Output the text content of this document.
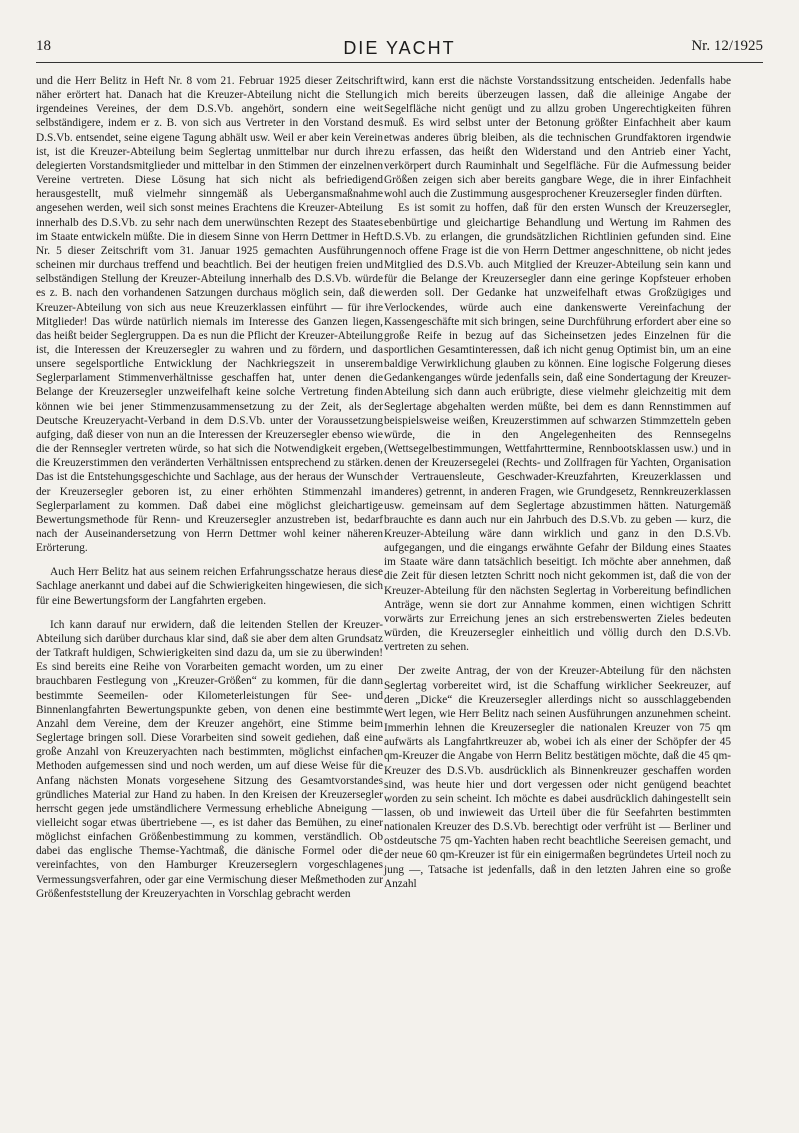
18	DIE YACHT	Nr. 12/1925

und die Herr Belitz in Heft Nr. 8 vom 21. Februar 1925 dieser Zeitschrift näher erörtert hat. Danach hat die Kreuzer-Abteilung nicht die Stellung irgendeines Vereines, der dem D.S.Vb. angehört, sondern eine weit selbständigere, indem er z. B. von sich aus Vertreter in den Vorstand des D.S.Vb. entsendet, seine eigene Tagung abhält usw. Weil er aber kein Verein ist, ist die Kreuzer-Abteilung beim Seglertag unmittelbar nur durch ihre delegierten Vorstandsmitglieder und mittelbar in den Stimmen der einzelnen Vereine vertreten. Diese Lösung hat sich nicht als befriedigend herausgestellt, muß vielmehr sinngemäß als Uebergansmaßnahme angesehen werden, weil sich sonst meines Erachtens die Kreuzer-Abteilung innerhalb des D.S.Vb. zu sehr nach dem unerwünschten Rezept des Staates im Staate entwickeln müßte. Die in diesem Sinne von Herrn Dettmer in Heft Nr. 5 dieser Zeitschrift vom 31. Januar 1925 gemachten Ausführungen scheinen mir durchaus treffend und beachtlich. Bei der heutigen freien und selbständigen Stellung der Kreuzer-Abteilung innerhalb des D.S.Vb. würde es z. B. nach den vorhandenen Satzungen durchaus möglich sein, daß die Kreuzer-Abteilung von sich aus neue Kreuzerklassen einführt — für ihre Mitglieder! Das würde natürlich niemals im Interesse des Ganzen liegen, das heißt beider Seglergruppen. Da es nun die Pflicht der Kreuzer-Abteilung ist, die Interessen der Kreuzersegler zu wahren und zu fördern, und da unsere segelsportliche Entwicklung der Nachkriegszeit in unserem Seglerparlament Stimmenverhältnisse geschaffen hat, unter denen die Belange der Kreuzersegler unzweifelhaft keine solche Vertretung finden können wie bei jener Stimmenzusammensetzung zu der Zeit, als der Deutsche Kreuzeryacht-Verband in dem D.S.Vb. unter der Voraussetzung aufging, daß dieser von nun an die Interessen der Kreuzersegler ebenso wie die der Rennsegler vertreten würde, so hat sich die Notwendigkeit ergeben, die Kreuzerstimmen den veränderten Verhältnissen entsprechend zu stärken. Das ist die Entstehungsgeschichte und Sachlage, aus der heraus der Wunsch der Kreuzersegler geboren ist, zu einer erhöhten Stimmenzahl im Seglerparlament zu kommen. Daß dabei eine möglichst gleichartige Bewertungsmethode für Renn- und Kreuzersegler anzustreben ist, bedarf nach der Auseinandersetzung von Herrn Dettmer wohl keiner näheren Erörterung.

Auch Herr Belitz hat aus seinem reichen Erfahrungsschatze heraus diese Sachlage anerkannt und dabei auf die Schwierigkeiten hingewiesen, die sich für eine Bewertungsform der Langfahrten ergeben.

Ich kann darauf nur erwidern, daß die leitenden Stellen der Kreuzer-Abteilung sich darüber durchaus klar sind, daß sie aber dem alten Grundsatz der Tatkraft huldigen, Schwierigkeiten sind dazu da, um sie zu überwinden! Es sind bereits eine Reihe von Vorarbeiten gemacht worden, um zu einer brauchbaren Festlegung von „Kreuzer-Größen“ zu kommen, für die dann bestimmte Seemeilen- oder Kilometerleistungen für See- und Binnenlangfahrten Bewertungspunkte geben, von denen eine bestimmte Anzahl dem Vereine, dem der Kreuzer angehört, eine Stimme beim Seglertage bringen soll. Diese Vorarbeiten sind soweit gediehen, daß eine große Anzahl von Kreuzeryachten nach bestimmten, möglichst einfachen Methoden aufgemessen sind und noch werden, um auf diese Weise für die Anfang nächsten Monats vorgesehene Sitzung des Gesamtvorstandes gründliches Material zur Hand zu haben. In den Kreisen der Kreuzersegler herrscht gegen jede umständlichere Vermessung erhebliche Abneigung — vielleicht sogar etwas übertriebene —, es ist daher das Bemühen, zu einer möglichst einfachen Größenbestimmung zu kommen, verständlich. Ob dabei das englische Themse-Yachtmaß, die dänische Formel oder die vereinfachtes, von den Hamburger Kreuzerseglern vorgeschlagenes Vermessungsverfahren, oder gar eine Vermischung dieser Meßmethoden zur Größenfeststellung der Kreuzeryachten in Vorschlag gebracht werden

wird, kann erst die nächste Vorstandssitzung entscheiden. Jedenfalls habe ich mich bereits überzeugen lassen, daß die alleinige Angabe der Segelfläche nicht genügt und zu allzu groben Ungerechtigkeiten führen muß. Es wird selbst unter der Betonung größter Einfachheit aber kaum etwas anderes übrig bleiben, als die technischen Grundfaktoren irgendwie zu erfassen, das heißt den Widerstand und den Antrieb einer Yacht, verkörpert durch Rauminhalt und Segelfläche. Für die Aufmessung beider Größen zeigen sich aber bereits gangbare Wege, die in ihrer Einfachheit wohl auch die Zustimmung ausgesprochener Kreuzersegler finden dürften.

Es ist somit zu hoffen, daß für den ersten Wunsch der Kreuzersegler, ebenbürtige und gleichartige Behandlung und Wertung im Rahmen des D.S.Vb. zu erlangen, die grundsätzlichen Richtlinien gefunden sind. Eine noch offene Frage ist die von Herrn Dettmer angeschnittene, ob nicht jedes Mitglied des D.S.Vb. auch Mitglied der Kreuzer-Abteilung sein kann und für die Belange der Kreuzersegler dann eine geringe Kopfsteuer erhoben werden soll. Der Gedanke hat unzweifelhaft etwas Großzügiges und Verlockendes, würde auch eine dankenswerte Vereinfachung der Kassengeschäfte mit sich bringen, seine Durchführung erfordert aber eine so große Reife in bezug auf das Sicheinsetzen jedes Einzelnen für die sportlichen Gesamtinteressen, daß ich nicht genug Optimist bin, um an eine baldige Verwirklichung glauben zu können. Eine logische Folgerung dieses Gedankenganges würde jedenfalls sein, daß eine Sondertagung der Kreuzer-Abteilung sich dann auch erübrigte, diese vielmehr gleichzeitig mit dem Seglertage abgehalten werden müßte, bei dem es dann Rennstimmen auf beispielsweise weißen, Kreuzerstimmen auf schwarzen Stimmzetteln geben würde, die in den Angelegenheiten des Rennsegelns (Wettsegelbestimmungen, Wettfahrttermine, Rennbootsklassen usw.) und in denen der Kreuzersegelei (Rechts- und Zollfragen für Yachten, Organisation der Vertrauensleute, Geschwader-Kreuzfahrten, Kreuzerklassen und anderes) getrennt, in anderen Fragen, wie Grundgesetz, Rennkreuzerklassen usw. gemeinsam auf dem Seglertage abzustimmen hätten. Naturgemäß brauchte es dann auch nur ein Jahrbuch des D.S.Vb. zu geben — kurz, die Kreuzer-Abteilung wäre dann wirklich und ganz in den D.S.Vb. aufgegangen, und die eingangs erwähnte Gefahr der Bildung eines Staates im Staate wäre dann tatsächlich beseitigt. Ich möchte aber annehmen, daß die Zeit für diesen letzten Schritt noch nicht gekommen ist, daß die von der Kreuzer-Abteilung für den nächsten Seglertag in Vorbereitung befindlichen Anträge, wenn sie dort zur Annahme kommen, einen wichtigen Schritt vorwärts zur Erreichung jenes an sich erstrebenswerten Zieles bedeuten würden, die Kreuzersegler einheitlich und völlig durch den D.S.Vb. vertreten zu sehen.

Der zweite Antrag, der von der Kreuzer-Abteilung für den nächsten Seglertag vorbereitet wird, ist die Schaffung wirklicher Seekreuzer, auf deren „Dicke“ die Kreuzersegler allerdings nicht so ausschlaggebenden Wert legen, wie Herr Belitz nach seinen Ausführungen anzunehmen scheint. Immerhin lehnen die Kreuzersegler die nationalen Kreuzer von 75 qm aufwärts als Langfahrtkreuzer ab, wobei ich als einer der Schöpfer der 45 qm-Kreuzer die Angabe von Herrn Belitz bestätigen möchte, daß die 45 qm-Kreuzer des D.S.Vb. ausdrücklich als Binnenkreuzer geschaffen worden sind, was heute hier und dort vergessen oder nicht genügend beachtet worden zu sein scheint. Ich möchte es dabei ausdrücklich dahingestellt sein lassen, ob und inwieweit das Urteil über die für Seefahrten bestimmten nationalen Kreuzer des D.S.Vb. berechtigt oder verfrüht ist — Berliner und ostdeutsche 75 qm-Yachten haben recht beachtliche Seereisen gemacht, und der neue 60 qm-Kreuzer ist für ein einigermaßen begründetes Urteil noch zu jung —, Tatsache ist jedenfalls, daß in den letzten Jahren eine so große Anzahl
